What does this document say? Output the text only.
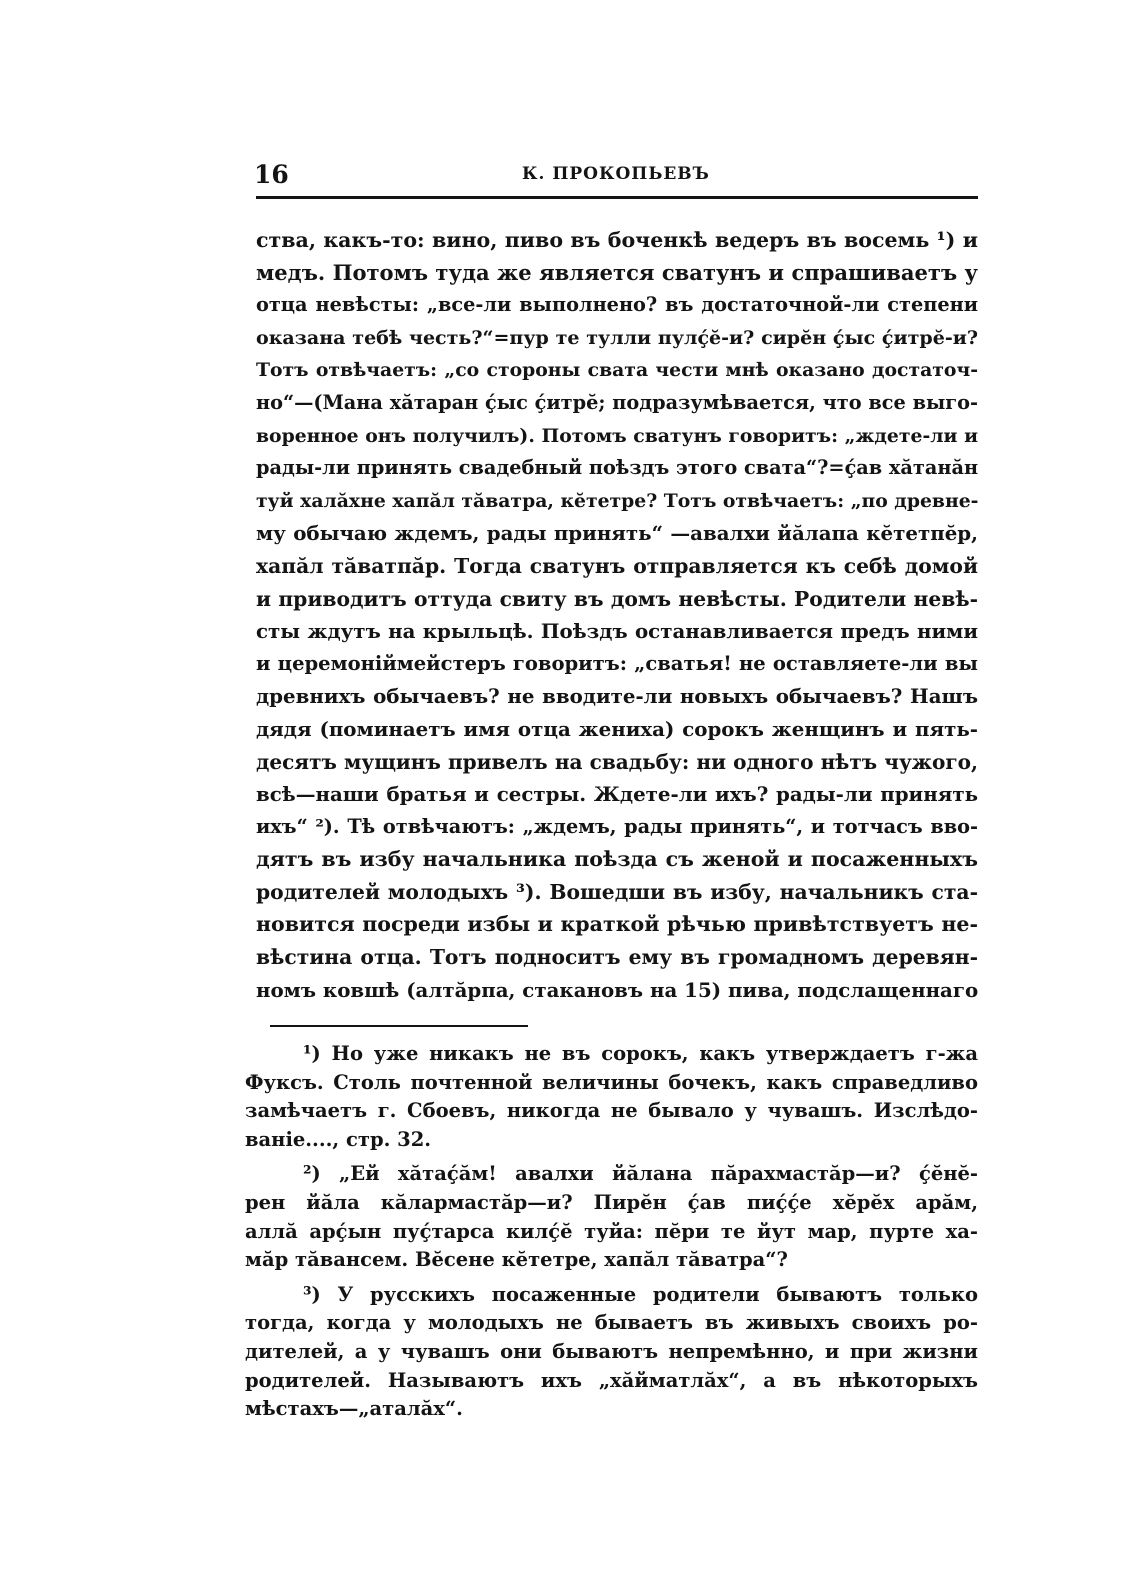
16	К. ПРОКОПЬЕВЪ
ства, какъ-то: вино, пиво въ боченкѣ ведеръ въ восемь ¹) и
медъ. Потомъ туда же является сватунъ и спрашиваетъ у
отца невѣсты: „все-ли выполнено? въ достаточной-ли степени
оказана тебѣ честь?“=пур те тулли пулḉĕ-и? сирĕн ḉыс ḉитрĕ-и?
Тотъ отвѣчаетъ: „со стороны свата чести мнѣ оказано достаточ-
но“—(Мана хăтаран ḉыс ḉитрĕ; подразумѣвается, что все выго-
воренное онъ получилъ). Потомъ сватунъ говоритъ: „ждете-ли и
рады-ли принять свадебный поѣздъ этого свата“?=ḉав хăтанăн
туй халăхне хапăл тăватра, кĕтетре? Тотъ отвѣчаетъ: „по древне-
му обычаю ждемъ, рады принять“ —авалхи йăлапа кĕтетпĕр,
хапăл тăватпăр. Тогда сватунъ отправляется къ себѣ домой
и приводитъ оттуда свиту въ домъ невѣсты. Родители невѣ-
сты ждутъ на крыльцѣ. Поѣздъ останавливается предъ ними
и церемонiймейстеръ говоритъ: „сватья! не оставляете-ли вы
древнихъ обычаевъ? не вводите-ли новыхъ обычаевъ? Нашъ
дядя (поминаетъ имя отца жениха) сорокъ женщинъ и пять-
десятъ мущинъ привелъ на свадьбу: ни одного нѣтъ чужого,
всѣ—наши братья и сестры. Ждете-ли ихъ? рады-ли принять
ихъ“ ²). Тѣ отвѣчаютъ: „ждемъ, рады принять“, и тотчасъ вво-
дятъ въ избу начальника поѣзда съ женой и посаженныхъ
родителей молодыхъ ³). Вошедши въ избу, начальникъ ста-
новится посреди избы и краткой рѣчью привѣтствуетъ не-
вѣстина отца. Тотъ подноситъ ему въ громадномъ деревян-
номъ ковшѣ (алтăрпа, стакановъ на 15) пива, подслащеннаго
¹) Но уже никакъ не въ сорокъ, какъ утверждаетъ г-жа
Фуксъ. Столь почтенной величины бочекъ, какъ справедливо
замѣчаетъ г. Сбоевъ, никогда не бывало у чувашъ. Изслѣдо-
ванiе...., стр. 32.
²) „Ей хăтаḉăм! авалхи йăлана пăрахмастăр—и? ḉĕнĕ-
рен йăла кăлармастăр—и? Пирĕн ḉав пиḉḉе хĕрĕх арăм,
аллă арḉын пуḉтарса килḉĕ туйа: пĕри те йут мар, пурте ха-
мăр тăвансем. Вĕсене кĕтетре, хапăл тăватра“?
³) У русскихъ посаженные родители бываютъ только
тогда, когда у молодыхъ не бываетъ въ живыхъ своихъ ро-
дителей, а у чувашъ они бываютъ непремѣнно, и при жизни
родителей. Называютъ ихъ „хăйматлăх“, а въ нѣкоторыхъ
мѣстахъ—„аталăх“.
